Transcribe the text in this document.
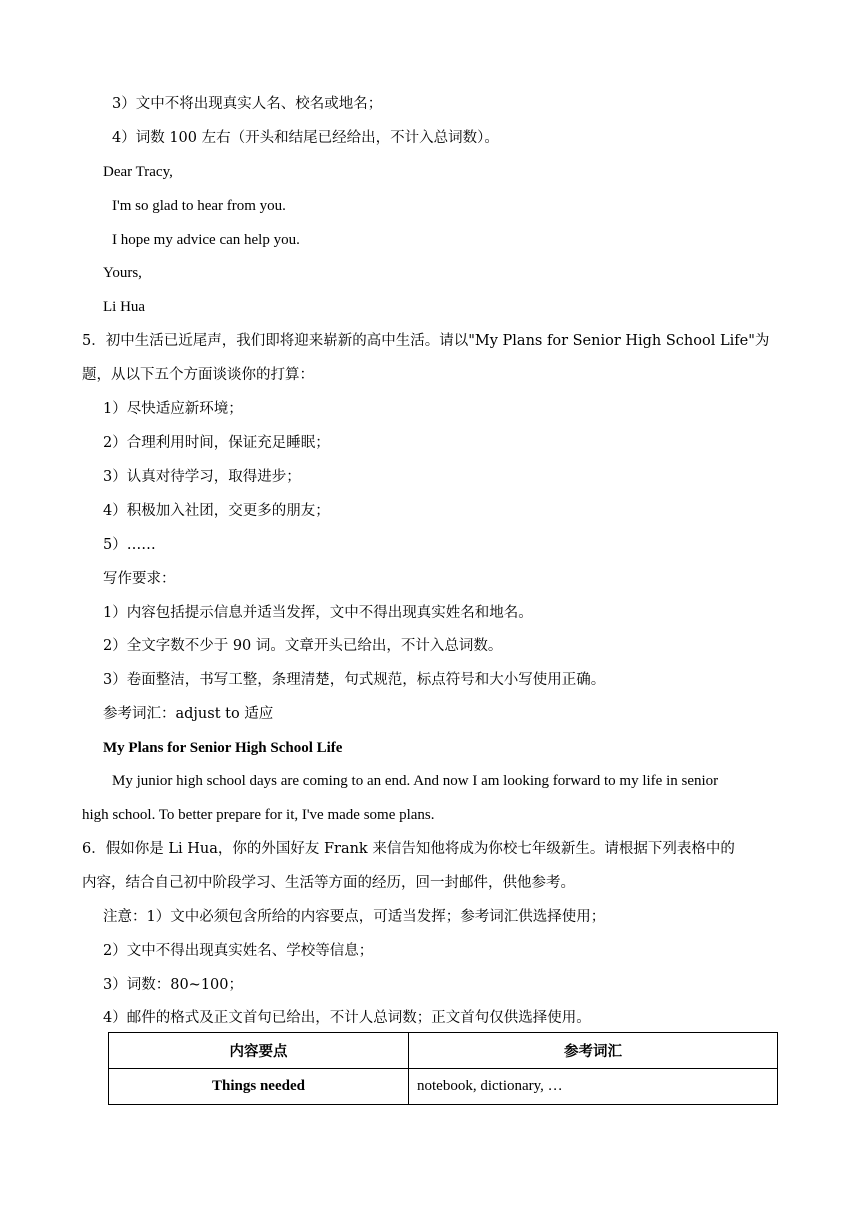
3）文中不将出现真实人名、校名或地名；
4）词数 100 左右（开头和结尾已经给出，不计入总词数）。
Dear Tracy,
I'm so glad to hear from you.
I hope my advice can help you.
Yours,
Li Hua
5．初中生活已近尾声，我们即将迎来崭新的高中生活。请以"My Plans for Senior High School Life"为
题，从以下五个方面谈谈你的打算：
1）尽快适应新环境；
2）合理利用时间，保证充足睡眠；
3）认真对待学习，取得进步；
4）积极加入社团，交更多的朋友；
5）……
写作要求：
1）内容包括提示信息并适当发挥，文中不得出现真实姓名和地名。
2）全文字数不少于 90 词。文章开头已给出，不计入总词数。
3）卷面整洁，书写工整，条理清楚，句式规范，标点符号和大小写使用正确。
参考词汇：adjust to 适应
My Plans for Senior High School Life
My junior high school days are coming to an end. And now I am looking forward to my life in senior
high school. To better prepare for it, I've made some plans.
6．假如你是 Li Hua，你的外国好友 Frank 来信告知他将成为你校七年级新生。请根据下列表格中的
内容，结合自己初中阶段学习、生活等方面的经历，回一封邮件，供他参考。
注意：1）文中必须包含所给的内容要点，可适当发挥；参考词汇供选择使用；
2）文中不得出现真实姓名、学校等信息；
3）词数：80~100；
4）邮件的格式及正文首句已给出，不计人总词数；正文首句仅供选择使用。
内容要点	参考词汇
Things needed	notebook, dictionary, …
